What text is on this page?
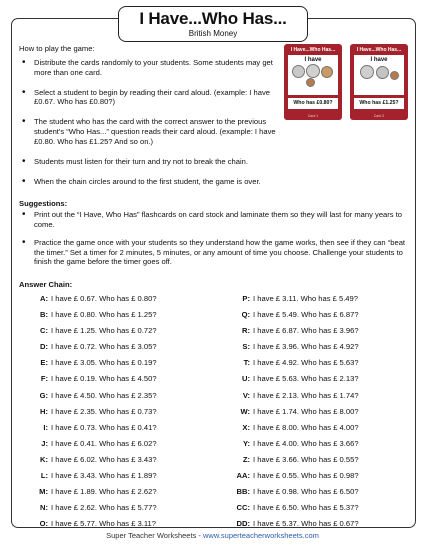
I Have...Who Has...
British Money
How to play the game:
• Distribute the cards randomly to your students. Some students may get more than one card.
• Select a student to begin by reading their card aloud. (example: I have £0.67. Who has £0.80?)
• The student who has the card with the correct answer to the previous student's “Who Has...” question reads their card aloud. (example: I have £0.80. Who has £1.25? And so on.)
• Students must listen for their turn and try not to break the chain.
• When the chain circles around to the first student, the game is over.
I Have...Who Has...
I have
Who has £0.80?
Card 1
I Have...Who Has...
I have
Who has £1.25?
Card 2
Suggestions:
• Print out the “I Have, Who Has” flashcards on card stock and laminate them so they will last for many years to come.
• Practice the game once with your students so they understand how the game works, then see if they can “beat the timer.” Set a timer for 2 minutes, 5 minutes, or any amount of time you choose. Challenge your students to finish the game before the timer goes off.
Answer Chain:
A: I have £ 0.67. Who has £ 0.80?
B: I have £ 0.80. Who has £ 1.25?
C: I have £ 1.25. Who has £ 0.72?
D: I have £ 0.72. Who has £ 3.05?
E: I have £ 3.05. Who has £ 0.19?
F: I have £ 0.19. Who has £ 4.50?
G: I have £ 4.50. Who has £ 2.35?
H: I have £ 2.35. Who has £ 0.73?
I: I have £ 0.73. Who has £ 0.41?
J: I have £ 0.41. Who has £ 6.02?
K: I have £ 6.02. Who has £ 3.43?
L: I have £ 3.43. Who has £ 1.89?
M: I have £ 1.89. Who has £ 2.62?
N: I have £ 2.62. Who has £ 5.77?
O: I have £ 5.77. Who has £ 3.11?
P: I have £ 3.11. Who has £ 5.49?
Q: I have £ 5.49. Who has £ 6.87?
R: I have £ 6.87. Who has £ 3.96?
S: I have £ 3.96. Who has £ 4.92?
T: I have £ 4.92. Who has £ 5.63?
U: I have £ 5.63. Who has £ 2.13?
V: I have £ 2.13. Who has £ 1.74?
W: I have £ 1.74. Who has £ 8.00?
X: I have £ 8.00. Who has £ 4.00?
Y: I have £ 4.00. Who has £ 3.66?
Z: I have £ 3.66. Who has £ 0.55?
AA: I have £ 0.55. Who has £ 0.98?
BB: I have £ 0.98. Who has £ 6.50?
CC: I have £ 6.50. Who has £ 5.37?
DD: I have £ 5.37. Who has £ 0.67?
Super Teacher Worksheets - www.superteacherworksheets.com
